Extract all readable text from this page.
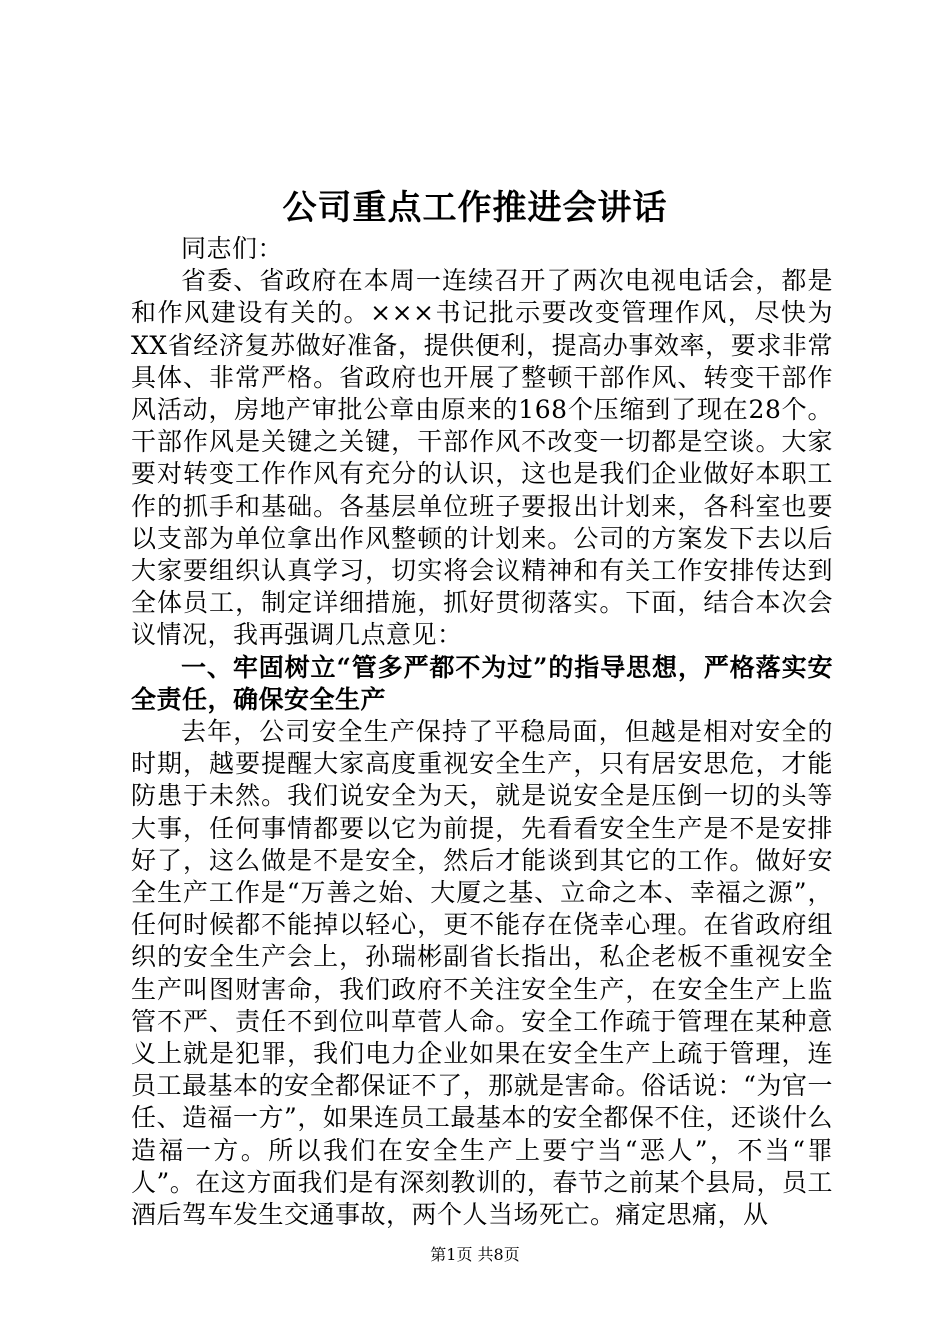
公司重点工作推进会讲话

同志们：

省委、省政府在本周一连续召开了两次电视电话会，都是和作风建设有关的。×××书记批示要改变管理作风，尽快为XX省经济复苏做好准备，提供便利，提高办事效率，要求非常具体、非常严格。省政府也开展了整顿干部作风、转变干部作风活动，房地产审批公章由原来的168个压缩到了现在28个。干部作风是关键之关键，干部作风不改变一切都是空谈。大家要对转变工作作风有充分的认识，这也是我们企业做好本职工作的抓手和基础。各基层单位班子要报出计划来，各科室也要以支部为单位拿出作风整顿的计划来。公司的方案发下去以后大家要组织认真学习，切实将会议精神和有关工作安排传达到全体员工，制定详细措施，抓好贯彻落实。下面，结合本次会议情况，我再强调几点意见：

一、牢固树立“管多严都不为过”的指导思想，严格落实安全责任，确保安全生产

去年，公司安全生产保持了平稳局面，但越是相对安全的时期，越要提醒大家高度重视安全生产，只有居安思危，才能防患于未然。我们说安全为天，就是说安全是压倒一切的头等大事，任何事情都要以它为前提，先看看安全生产是不是安排好了，这么做是不是安全，然后才能谈到其它的工作。做好安全生产工作是“万善之始、大厦之基、立命之本、幸福之源”，任何时候都不能掉以轻心，更不能存在侥幸心理。在省政府组织的安全生产会上，孙瑞彬副省长指出，私企老板不重视安全生产叫图财害命，我们政府不关注安全生产，在安全生产上监管不严、责任不到位叫草菅人命。安全工作疏于管理在某种意义上就是犯罪，我们电力企业如果在安全生产上疏于管理，连员工最基本的安全都保证不了，那就是害命。俗话说：“为官一任、造福一方”，如果连员工最基本的安全都保不住，还谈什么造福一方。所以我们在安全生产上要宁当“恶人”，不当“罪人”。在这方面我们是有深刻教训的，春节之前某个县局，员工酒后驾车发生交通事故，两个人当场死亡。痛定思痛，从

第1页 共8页
